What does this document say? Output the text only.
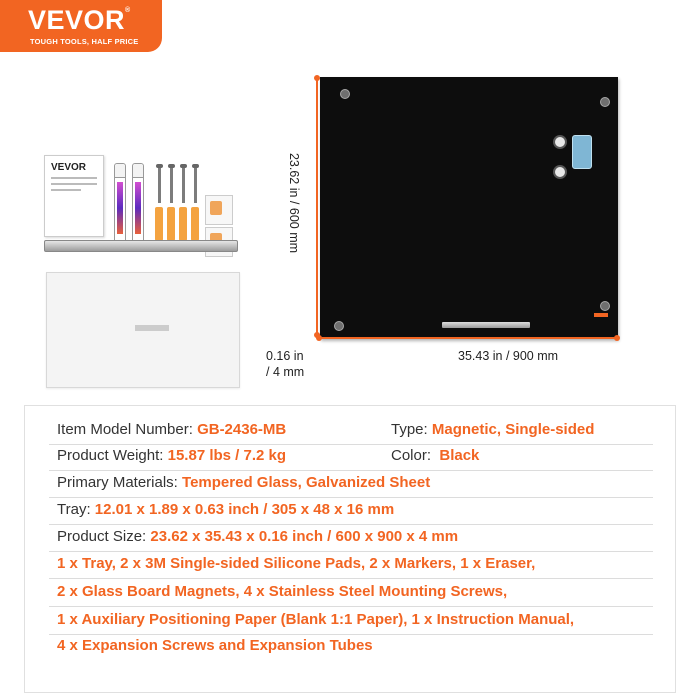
VEVOR®
TOUGH TOOLS, HALF PRICE
VEVOR	23.62 in / 600 mm
35.43 in / 900 mm
0.16 in
/ 4 mm
Item Model Number: GB-2436-MB	Type: Magnetic, Single-sided
Product Weight: 15.87 lbs / 7.2 kg	Color: Black
Primary Materials: Tempered Glass, Galvanized Sheet
Tray: 12.01 x 1.89 x 0.63 inch / 305 x 48 x 16 mm
Product Size: 23.62 x 35.43 x 0.16 inch / 600 x 900 x 4 mm
1 x Tray, 2 x 3M Single-sided Silicone Pads, 2 x Markers, 1 x Eraser,
2 x Glass Board Magnets, 4 x Stainless Steel Mounting Screws,
1 x Auxiliary Positioning Paper (Blank 1:1 Paper), 1 x Instruction Manual,
4 x Expansion Screws and Expansion Tubes
